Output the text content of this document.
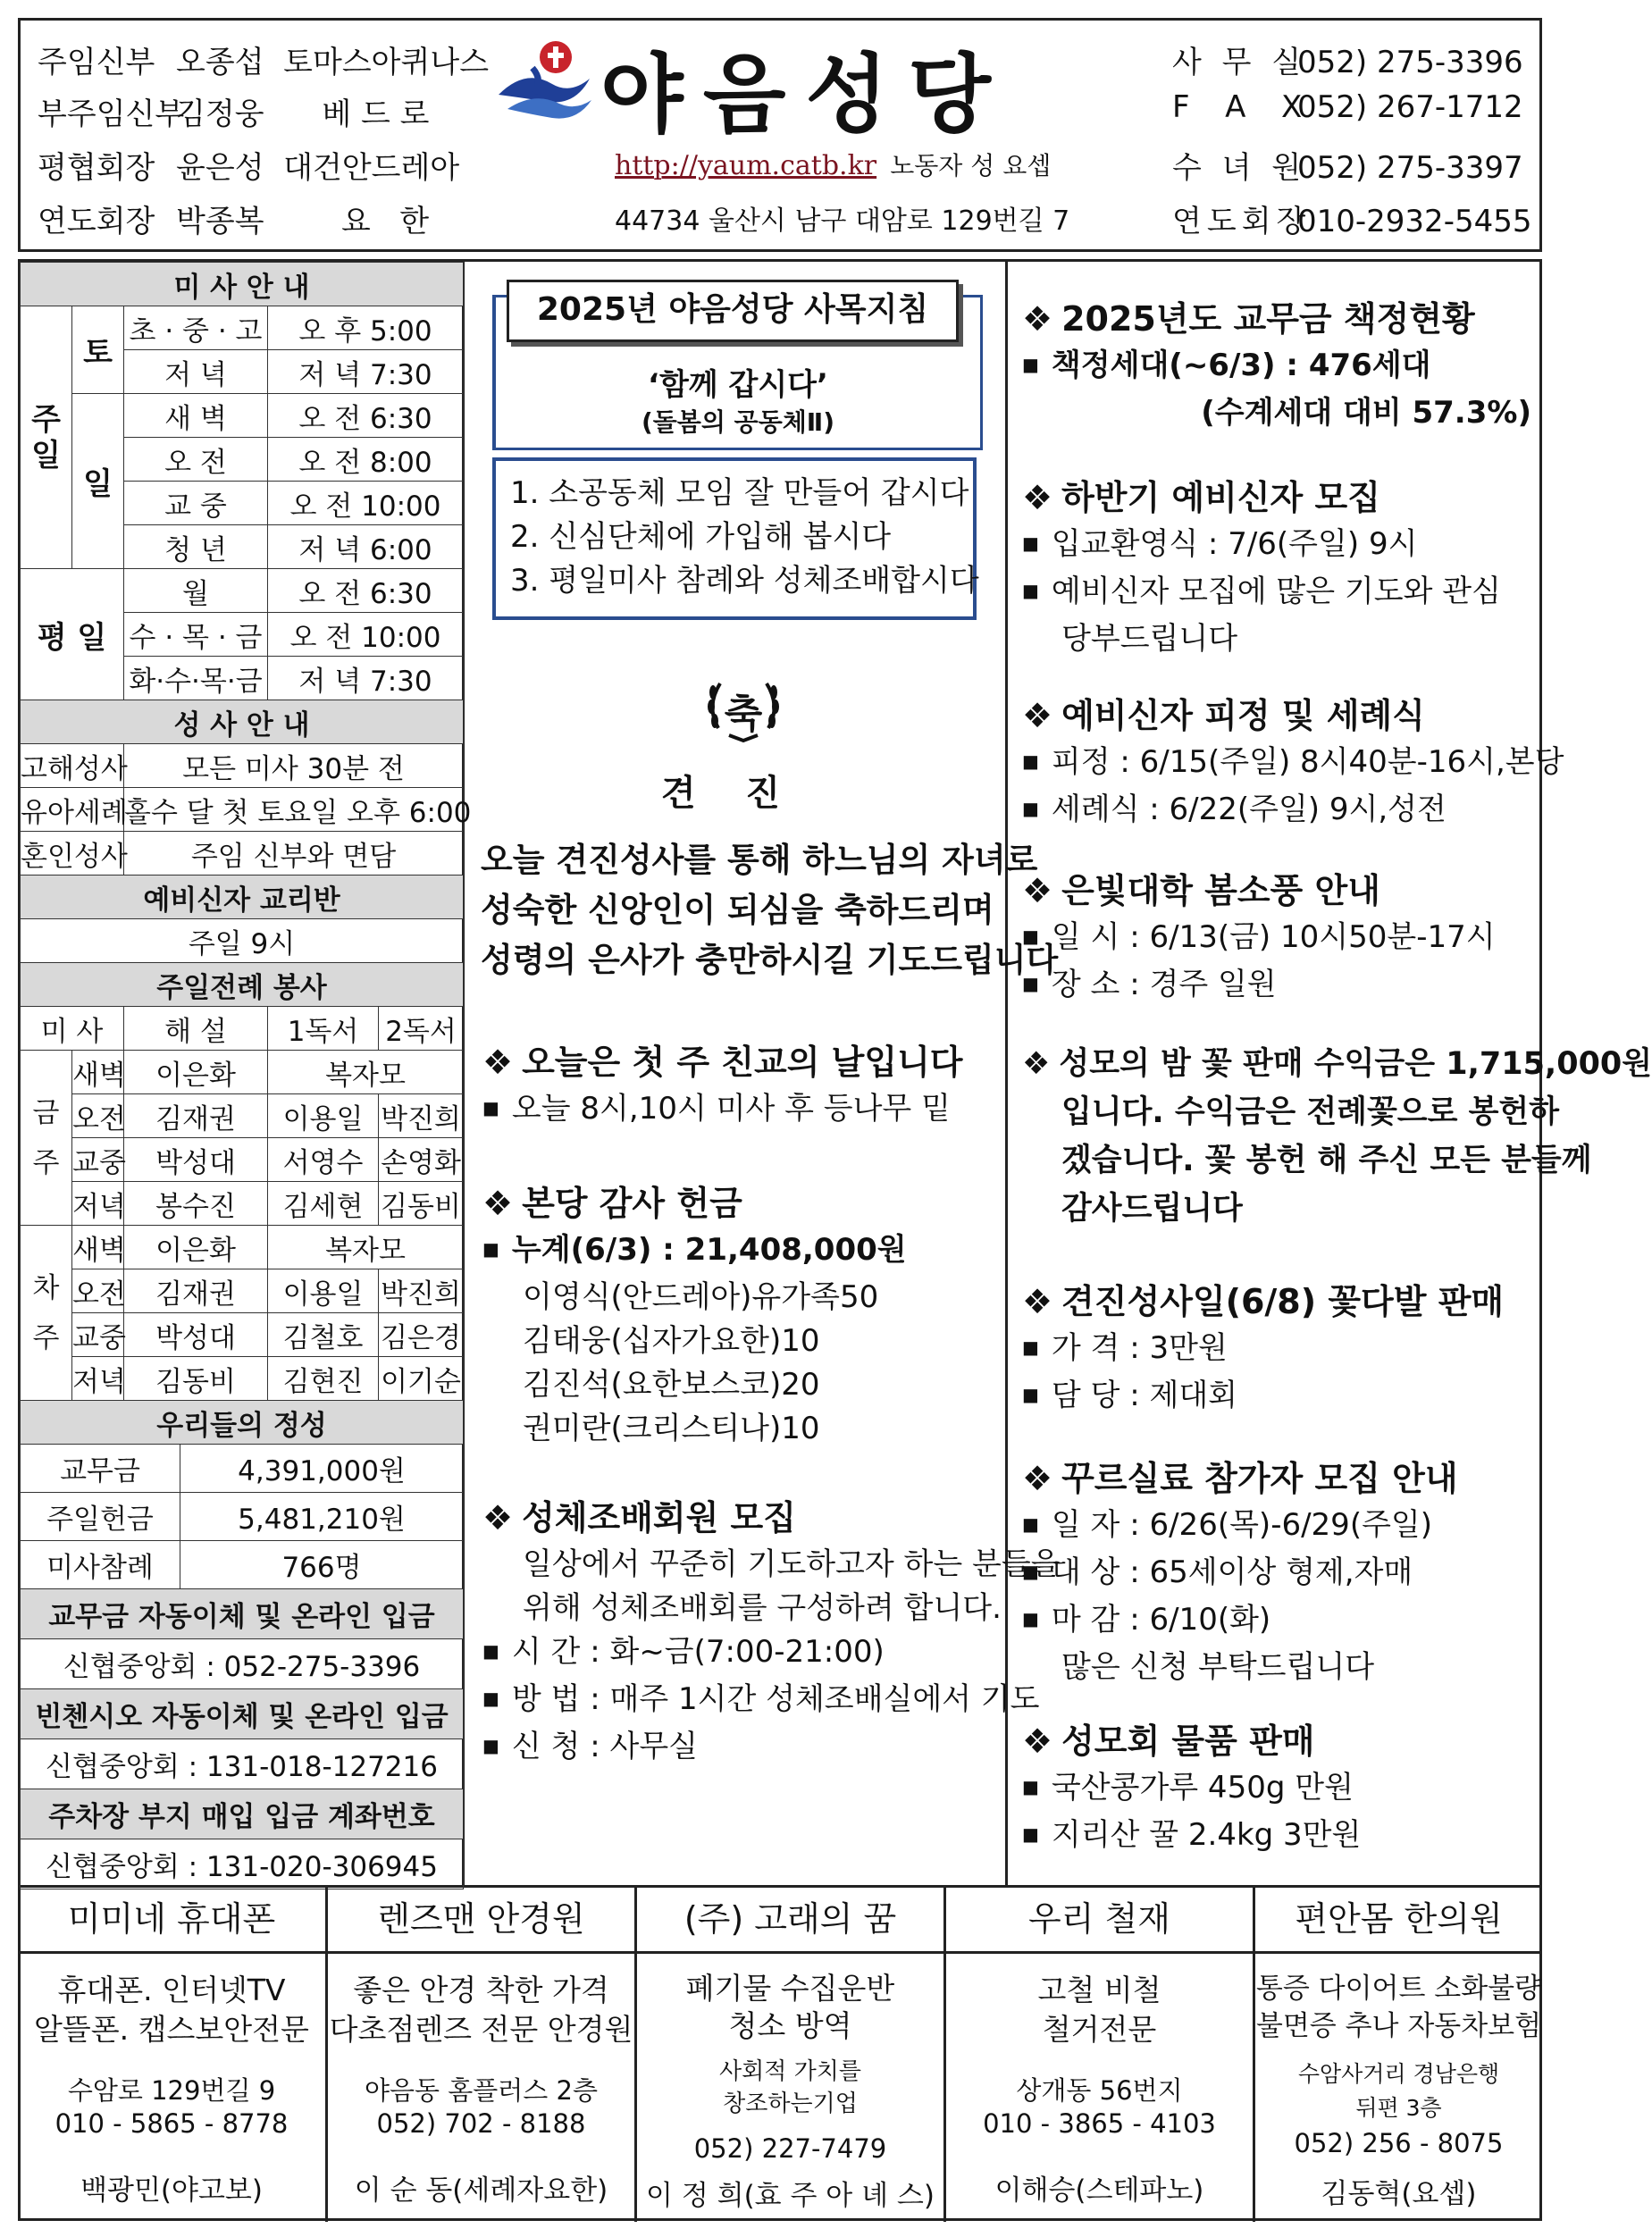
주임신부 오종섭  토마스아퀴나스
부주임신부김정웅      베 드 로
평협회장 윤은성  대건안드레아
연도회장 박종복        요   한
야음성당
http://yaum.catb.kr 노동자 성 요셉
44734 울산시 남구 대암로 129번길 7
사 무 실052) 275-3396
F  A  X052) 267-1712
수 녀 원052) 275-3397
연도회장010-2932-5455
미 사 안 내					
주일	토	초 · 중 · 고		오 후 5:00	
		저 녁		저 녁 7:30	
	일	새 벽		오 전 6:30	
		오 전		오 전 8:00	
		교 중		오 전 10:00	
		청 년		저 녁 6:00	
평 일		월		오 전 6:30	
		수 · 목 · 금		오 전 10:00	
		화·수·목·금		저 녁 7:30	
성 사 안 내					
고해성사		모든 미사 30분 전			
유아세례		홀수 달 첫 토요일 오후 6:00			
혼인성사		주임 신부와 면담			
예비신자 교리반					
주일 9시					
주일전례 봉사					
미 사		해 설		1독서	2독서
금주	새벽	이은화		복자모	
	오전	김재권		이용일	박진희
	교중	박성대		서영수	손영화
	저녁	봉수진		김세현	김동비
차주	새벽	이은화		복자모	
	오전	김재권		이용일	박진희
	교중	박성대		김철호	김은경
	저녁	김동비		김현진	이기순
우리들의 정성					
교무금			4,391,000원		
주일헌금			5,481,210원		
미사참례			766명		
교무금 자동이체 및 온라인 입금					
신협중앙회 : 052-275-3396					
빈첸시오 자동이체 및 온라인 입금					
신협중앙회 : 131-018-127216					
주차장 부지 매입 입금 계좌번호					
신협중앙회 : 131-020-306945					
2025년 야음성당 사목지침
‘함께 갑시다’
(돌봄의 공동체Ⅱ)
1. 소공동체 모임 잘 만들어 갑시다
2. 신심단체에 가입해 봅시다
3. 평일미사 참례와 성체조배합시다
축
견    진
오늘 견진성사를 통해 하느님의 자녀로
성숙한 신앙인이 되심을 축하드리며
성령의 은사가 충만하시길 기도드립니다
❖ 오늘은 첫 주 친교의 날입니다
■ 오늘 8시,10시 미사 후 등나무 밑
❖ 본당 감사 헌금
■ 누계(6/3) : 21,408,000원
이영식(안드레아)유가족50
김태웅(십자가요한)10
김진석(요한보스코)20
권미란(크리스티나)10
❖ 성체조배회원 모집
일상에서 꾸준히 기도하고자 하는 분들을
위해 성체조배회를 구성하려 합니다.
■ 시 간 : 화~금(7:00-21:00)
■ 방 법 : 매주 1시간 성체조배실에서 기도
■ 신 청 : 사무실
❖ 2025년도 교무금 책정현황
■ 책정세대(~6/3) : 476세대
(수계세대 대비 57.3%)
❖ 하반기 예비신자 모집
■ 입교환영식 : 7/6(주일) 9시
■ 예비신자 모집에 많은 기도와 관심
당부드립니다
❖ 예비신자 피정 및 세례식
■ 피정 : 6/15(주일) 8시40분-16시,본당
■ 세례식 : 6/22(주일) 9시,성전
❖ 은빛대학 봄소풍 안내
■ 일 시 : 6/13(금) 10시50분-17시
■ 장 소 : 경주 일원
❖ 성모의 밤 꽃 판매 수익금은 1,715,000원
입니다. 수익금은 전례꽃으로 봉헌하
겠습니다. 꽃 봉헌 해 주신 모든 분들께
감사드립니다
❖ 견진성사일(6/8) 꽃다발 판매
■ 가 격 : 3만원
■ 담 당 : 제대회
❖ 꾸르실료 참가자 모집 안내
■ 일 자 : 6/26(목)-6/29(주일)
■ 대 상 : 65세이상 형제,자매
■ 마 감 : 6/10(화)
많은 신청 부탁드립니다
❖ 성모회 물품 판매
■ 국산콩가루 450g 만원
■ 지리산 꿀 2.4kg 3만원
미미네 휴대폰
휴대폰. 인터넷TV
알뜰폰. 캡스보안전문
수암로 129번길 9
010 - 5865 - 8778
백광민(야고보)
렌즈맨 안경원
좋은 안경 착한 가격
다초점렌즈 전문 안경원
야음동 홈플러스 2층
052) 702 - 8188
이 순 동(세례자요한)
(주) 고래의 꿈
폐기물 수집운반
청소 방역
사회적 가치를
창조하는기업
052) 227-7479
이 정 희(효 주 아 녜 스)
우리 철재
고철 비철
철거전문
상개동 56번지
010 - 3865 - 4103
이해승(스테파노)
편안몸 한의원
통증 다이어트 소화불량
불면증 추나 자동차보험
수암사거리 경남은행
뒤편 3층
052) 256 - 8075
김동혁(요셉)
